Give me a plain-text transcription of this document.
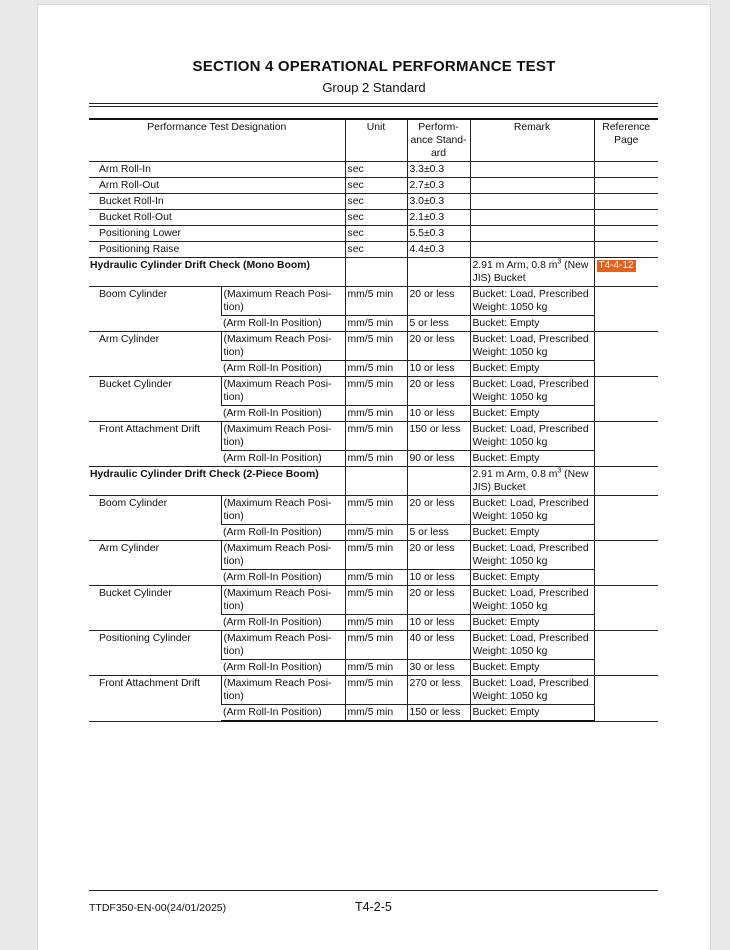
SECTION 4 OPERATIONAL PERFORMANCE TEST
Group 2 Standard
Performance Test Designation		Unit	Perform-
ance Stand-
ard	Remark	Reference
Page
Arm Roll-In		sec	3.3±0.3		
Arm Roll-Out		sec	2.7±0.3		
Bucket Roll-In		sec	3.0±0.3		
Bucket Roll-Out		sec	2.1±0.3		
Positioning Lower		sec	5.5±0.3		
Positioning Raise		sec	4.4±0.3		
Hydraulic Cylinder Drift Check (Mono Boom)				2.91 m Arm, 0.8 $m^3$ (New JIS) Bucket	T4-4-12
Boom Cylinder	(Maximum Reach Posi-
tion)	mm/5 min	20 or less	Bucket: Load, Prescribed
Weight: 1050 kg	
	(Arm Roll-In Position)	mm/5 min	5 or less	Bucket: Empty	
Arm Cylinder	(Maximum Reach Posi-
tion)	mm/5 min	20 or less	Bucket: Load, Prescribed
Weight: 1050 kg	
	(Arm Roll-In Position)	mm/5 min	10 or less	Bucket: Empty	
Bucket Cylinder	(Maximum Reach Posi-
tion)	mm/5 min	20 or less	Bucket: Load, Prescribed
Weight: 1050 kg	
	(Arm Roll-In Position)	mm/5 min	10 or less	Bucket: Empty	
Front Attachment Drift	(Maximum Reach Posi-
tion)	mm/5 min	150 or less	Bucket: Load, Prescribed
Weight: 1050 kg	
	(Arm Roll-In Position)	mm/5 min	90 or less	Bucket: Empty	
Hydraulic Cylinder Drift Check (2-Piece Boom)				2.91 m Arm, 0.8 $m^3$ (New JIS) Bucket	
Boom Cylinder	(Maximum Reach Posi-
tion)	mm/5 min	20 or less	Bucket: Load, Prescribed
Weight: 1050 kg	
	(Arm Roll-In Position)	mm/5 min	5 or less	Bucket: Empty	
Arm Cylinder	(Maximum Reach Posi-
tion)	mm/5 min	20 or less	Bucket: Load, Prescribed
Weight: 1050 kg	
	(Arm Roll-In Position)	mm/5 min	10 or less	Bucket: Empty	
Bucket Cylinder	(Maximum Reach Posi-
tion)	mm/5 min	20 or less	Bucket: Load, Prescribed
Weight: 1050 kg	
	(Arm Roll-In Position)	mm/5 min	10 or less	Bucket: Empty	
Positioning Cylinder	(Maximum Reach Posi-
tion)	mm/5 min	40 or less	Bucket: Load, Prescribed
Weight: 1050 kg	
	(Arm Roll-In Position)	mm/5 min	30 or less	Bucket: Empty	
Front Attachment Drift	(Maximum Reach Posi-
tion)	mm/5 min	270 or less	Bucket: Load, Prescribed
Weight: 1050 kg	
	(Arm Roll-In Position)	mm/5 min	150 or less	Bucket: Empty	
TTDF350-EN-00(24/01/2025)	T4-2-5
